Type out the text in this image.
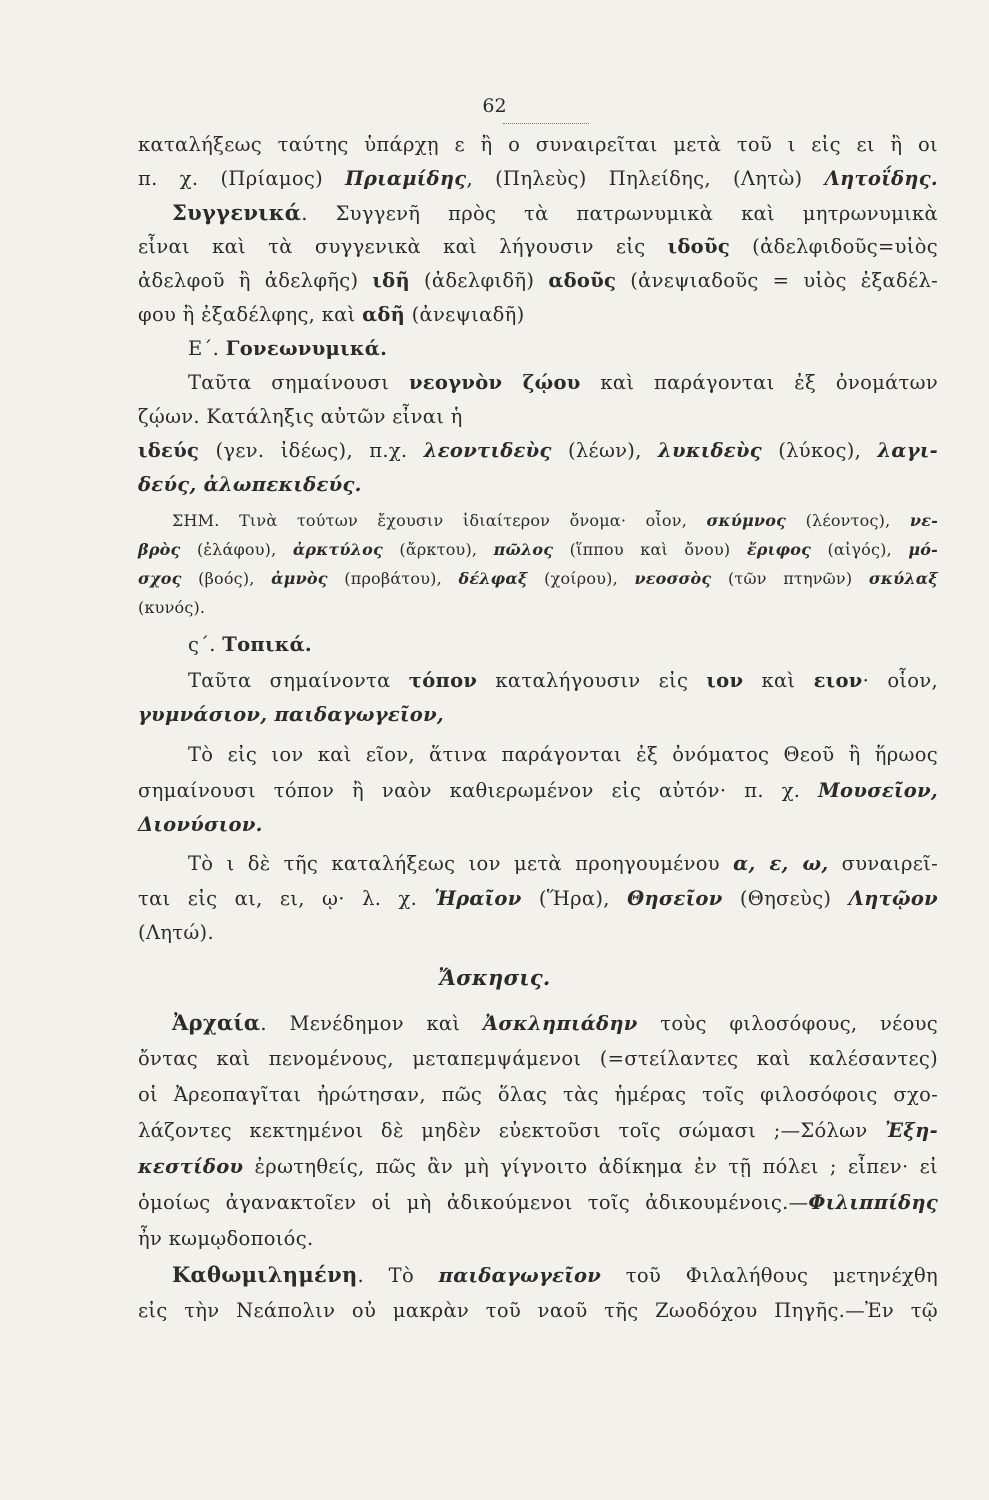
62
καταλήξεως ταύτης ὑπάρχῃ ε ἢ ο συναιρεῖται μετὰ τοῦ ι εἰς ει ἢ οι
π. χ. (Πρίαμος) Πριαμίδης, (Πηλεὺς) Πηλείδης, (Λητὼ) Λητοΐδης.
Συγγενικά. Συγγενῆ πρὸς τὰ πατρωνυμικὰ καὶ μητρωνυμικὰ
εἶναι καὶ τὰ συγγενικὰ καὶ λήγουσιν εἰς ιδοῦς (ἀδελφιδοῦς=υἱὸς
ἀδελφοῦ ἢ ἀδελφῆς) ιδῆ (ἀδελφιδῆ) αδοῦς (ἀνεψιαδοῦς = υἱὸς ἐξαδέλ-
φου ἢ ἐξαδέλφης, καὶ αδῆ (ἀνεψιαδῆ)
Ε΄. Γονεωνυμικά.
Ταῦτα σημαίνουσι νεογνὸν ζῴου καὶ παράγονται ἐξ ὀνομάτων
ζῴων. Κατάληξις αὐτῶν εἶναι ἡ
ιδεύς (γεν. ἰδέως), π.χ. λεοντιδεὺς (λέων), λυκιδεὺς (λύκος), λαγι-
δεύς, ἀλωπεκιδεύς.
ΣΗΜ. Τινὰ τούτων ἔχουσιν ἰδιαίτερον ὄνομα· οἷον, σκύμνος (λέοντος), νε-
βρὸς (ἐλάφου), ἀρκτύλος (ἄρκτου), πῶλος (ἵππου καὶ ὄνου) ἔριφος (αἰγός), μό-
σχος (βοός), ἀμνὸς (προβάτου), δέλφαξ (χοίρου), νεοσσὸς (τῶν πτηνῶν) σκύλαξ
(κυνός).
ς΄. Τοπικά.
Ταῦτα σημαίνοντα τόπον καταλήγουσιν εἰς ιον καὶ ειον· οἷον,
γυμνάσιον, παιδαγωγεῖον,
Τὸ εἰς ιον καὶ εῖον, ἅτινα παράγονται ἐξ ὀνόματος Θεοῦ ἢ ἥρωος
σημαίνουσι τόπον ἢ ναὸν καθιερωμένον εἰς αὐτόν· π. χ. Μουσεῖον,
Διονύσιον.
Τὸ ι δὲ τῆς καταλήξεως ιον μετὰ προηγουμένου α, ε, ω, συναιρεῖ-
ται εἰς αι, ει, ῳ· λ. χ. Ἡραῖον (Ἥρα), Θησεῖον (Θησεὺς) Λητῷον
(Λητώ).
Ἄσκησις.
Ἀρχαία. Μενέδημον καὶ Ἀσκληπιάδην τοὺς φιλοσόφους, νέους
ὄντας καὶ πενομένους, μεταπεμψάμενοι (=στείλαντες καὶ καλέσαντες)
οἱ Ἀρεοπαγῖται ἠρώτησαν, πῶς ὅλας τὰς ἡμέρας τοῖς φιλοσόφοις σχο-
λάζοντες κεκτημένοι δὲ μηδὲν εὐεκτοῦσι τοῖς σώμασι ;—Σόλων Ἐξη-
κεστίδου ἐρωτηθείς, πῶς ἂν μὴ γίγνοιτο ἀδίκημα ἐν τῇ πόλει ; εἶπεν· εἰ
ὁμοίως ἀγανακτοῖεν οἱ μὴ ἀδικούμενοι τοῖς ἀδικουμένοις.—Φιλιππίδης
ἦν κωμῳδοποιός.
Καθωμιλημένη. Τὸ παιδαγωγεῖον τοῦ Φιλαλήθους μετηνέχθη
εἰς τὴν Νεάπολιν οὐ μακρὰν τοῦ ναοῦ τῆς Ζωοδόχου Πηγῆς.—Ἐν τῷ
